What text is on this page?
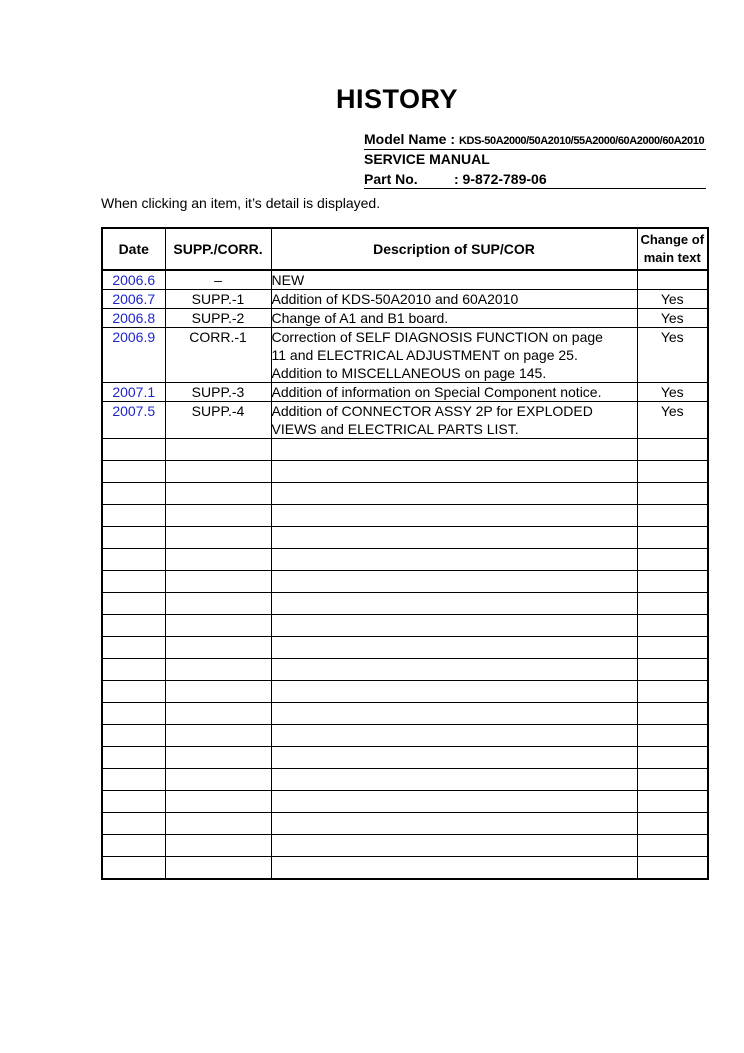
HISTORY
Model Name : KDS-50A2000/50A2010/55A2000/60A2000/60A2010
SERVICE MANUAL
Part No.	: 9-872-789-06
When clicking an item, it’s detail is displayed.
Date	SUPP./CORR.	Description of SUP/COR	Change of
main text
2006.6	–	NEW	
2006.7	SUPP.-1	Addition of KDS-50A2010 and 60A2010	Yes
2006.8	SUPP.-2	Change of A1 and B1 board.	Yes
2006.9	CORR.-1	Correction of SELF DIAGNOSIS FUNCTION on page
11 and ELECTRICAL ADJUSTMENT on page 25.
Addition to MISCELLANEOUS on page 145.	Yes
2007.1	SUPP.-3	Addition of information on Special Component notice.	Yes
2007.5	SUPP.-4	Addition of CONNECTOR ASSY 2P for EXPLODED
VIEWS and ELECTRICAL PARTS LIST.	Yes
